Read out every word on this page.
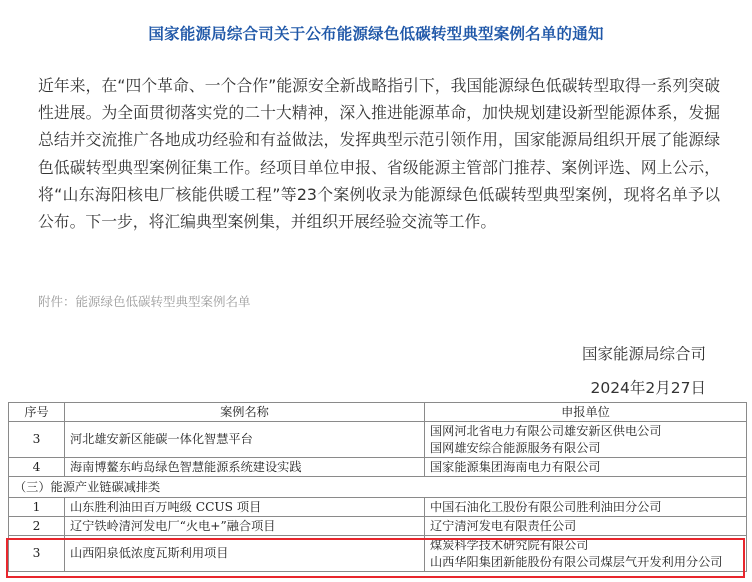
国家能源局综合司关于公布能源绿色低碳转型典型案例名单的通知

近年来，在“四个革命、一个合作”能源安全新战略指引下，我国能源绿色低碳转型取得一系列突破性进展。为全面贯彻落实党的二十大精神，深入推进能源革命，加快规划建设新型能源体系，发掘总结并交流推广各地成功经验和有益做法，发挥典型示范引领作用，国家能源局组织开展了能源绿色低碳转型典型案例征集工作。经项目单位申报、省级能源主管部门推荐、案例评选、网上公示，将“山东海阳核电厂核能供暖工程”等23个案例收录为能源绿色低碳转型典型案例，现将名单予以公布。下一步，将汇编典型案例集，并组织开展经验交流等工作。

附件：能源绿色低碳转型典型案例名单
国家能源局综合司
2024年2月27日
序号	案例名称	申报单位
3	河北雄安新区能碳一体化智慧平台	国网河北省电力有限公司雄安新区供电公司
国网雄安综合能源服务有限公司

4	海南博鳌东屿岛绿色智慧能源系统建设实践	国家能源集团海南电力有限公司

（三）能源产业链碳减排类		
1	山东胜利油田百万吨级 CCUS 项目	中国石油化工股份有限公司胜利油田分公司

2	辽宁铁岭清河发电厂“火电+”融合项目	辽宁清河发电有限责任公司

3	山西阳泉低浓度瓦斯利用项目	煤炭科学技术研究院有限公司
山西华阳集团新能股份有限公司煤层气开发利用分公司
